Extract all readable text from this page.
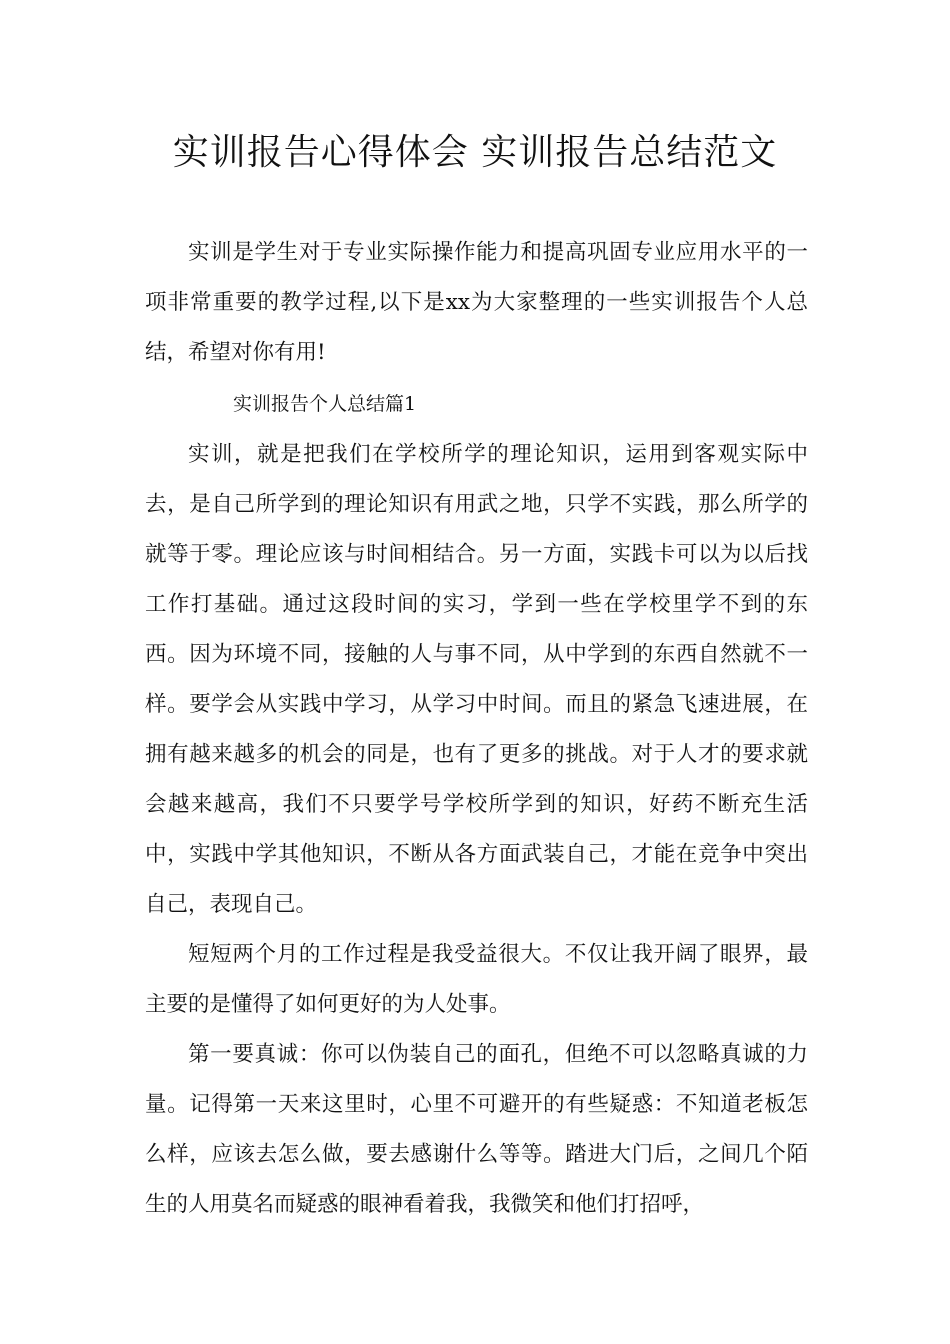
实训报告心得体会 实训报告总结范文

实训是学生对于专业实际操作能力和提高巩固专业应用水平的一项非常重要的教学过程,以下是xx为大家整理的一些实训报告个人总结，希望对你有用!

实训报告个人总结篇1

实训，就是把我们在学校所学的理论知识，运用到客观实际中去，是自己所学到的理论知识有用武之地，只学不实践，那么所学的就等于零。理论应该与时间相结合。另一方面，实践卡可以为以后找工作打基础。通过这段时间的实习，学到一些在学校里学不到的东西。因为环境不同，接触的人与事不同，从中学到的东西自然就不一样。要学会从实践中学习，从学习中时间。而且的紧急飞速进展，在拥有越来越多的机会的同是，也有了更多的挑战。对于人才的要求就会越来越高，我们不只要学号学校所学到的知识，好药不断充生活中，实践中学其他知识，不断从各方面武装自己，才能在竞争中突出自己，表现自己。

短短两个月的工作过程是我受益很大。不仅让我开阔了眼界，最主要的是懂得了如何更好的为人处事。

第一要真诚：你可以伪装自己的面孔，但绝不可以忽略真诚的力量。记得第一天来这里时，心里不可避开的有些疑惑：不知道老板怎么样，应该去怎么做，要去感谢什么等等。踏进大门后，之间几个陌生的人用莫名而疑惑的眼神看着我，我微笑和他们打招呼，
